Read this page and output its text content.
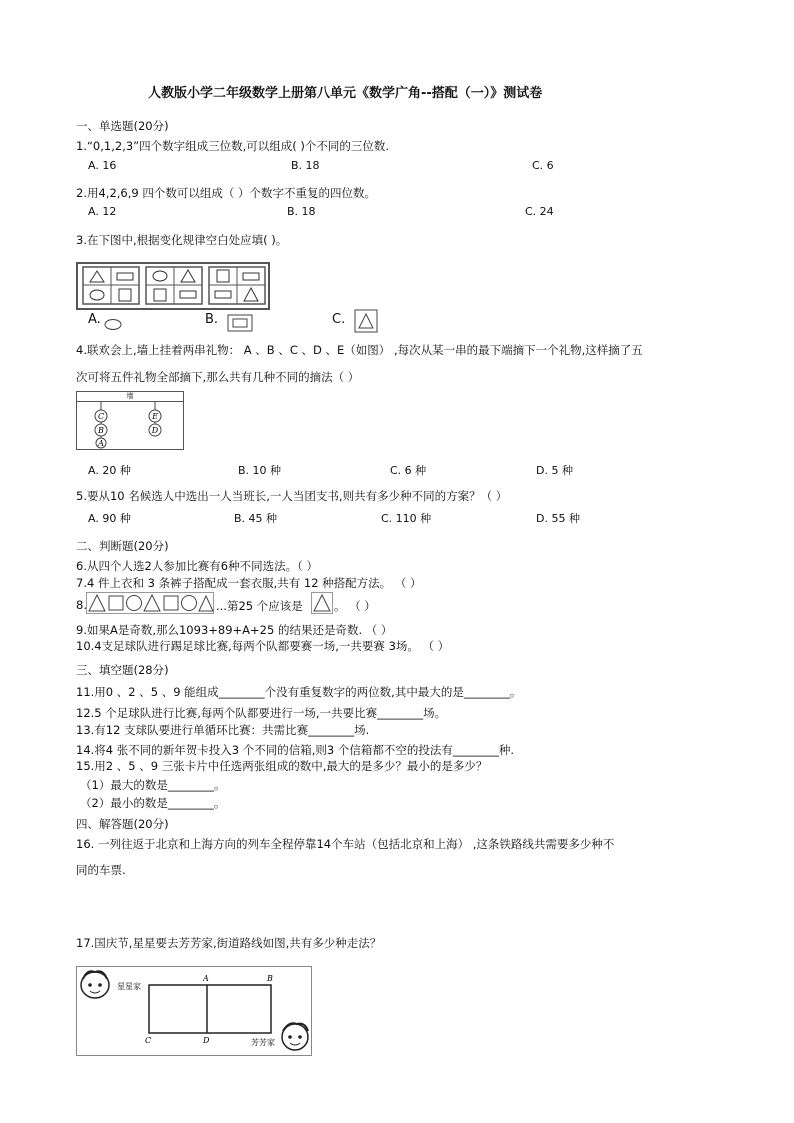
人教版小学二年级数学上册第八单元《数学广角--搭配（一）》测试卷
一、单选题(20分)
1.“0,1,2,3”四个数字组成三位数,可以组成( )个不同的三位数.
A. 16	B. 18	C. 6
2.用4,2,6,9 四个数可以组成（ ）个数字不重复的四位数。
A. 12	B. 18	C. 24
3.在下图中,根据变化规律空白处应填( )。
A.	B.	C.
4.联欢会上,墙上挂着两串礼物： A 、B 、C 、D 、E（如图） ,每次从某一串的最下端摘下一个礼物,这样摘了五
次可将五件礼物全部摘下,那么共有几种不同的摘法（ ）
墙
C
B
A
E
D
A. 20 种	B. 10 种	C. 6 种	D. 5 种
5.要从10 名候选人中选出一人当班长,一人当团支书,则共有多少种不同的方案？（ ）
A. 90 种	B. 45 种	C. 110 种	D. 55 种
二、判断题(20分)
6.从四个人选2人参加比赛有6种不同选法。（ ）
7.4 件上衣和 3 条裤子搭配成一套衣服,共有 12 种搭配方法。 （ ）
8.	...第25 个应该是	。 （ ）
9.如果A是奇数,那么1093+89+A+25 的结果还是奇数. （ ）
10.4支足球队进行踢足球比赛,每两个队都要赛一场,一共要赛 3场。 （ ）
三、填空题(28分)
11.用0 、2 、5 、9 能组成________个没有重复数字的两位数,其中最大的是________。
12.5 个足球队进行比赛,每两个队都要进行一场,一共要比赛________场。
13.有12 支球队要进行单循环比赛：共需比赛________场.
14.将4 张不同的新年贺卡投入3 个不同的信箱,则3 个信箱都不空的投法有________种.
15.用2 、5 、9 三张卡片中任选两张组成的数中,最大的是多少？最小的是多少？
（1）最大的数是________。
（2）最小的数是________。
四、解答题(20分)
16. 一列往返于北京和上海方向的列车全程停靠14个车站（包括北京和上海） ,这条铁路线共需要多少种不
同的车票.
17.国庆节,星星要去芳芳家,街道路线如图,共有多少种走法？
星星家
芳芳家
A	B
C	D
